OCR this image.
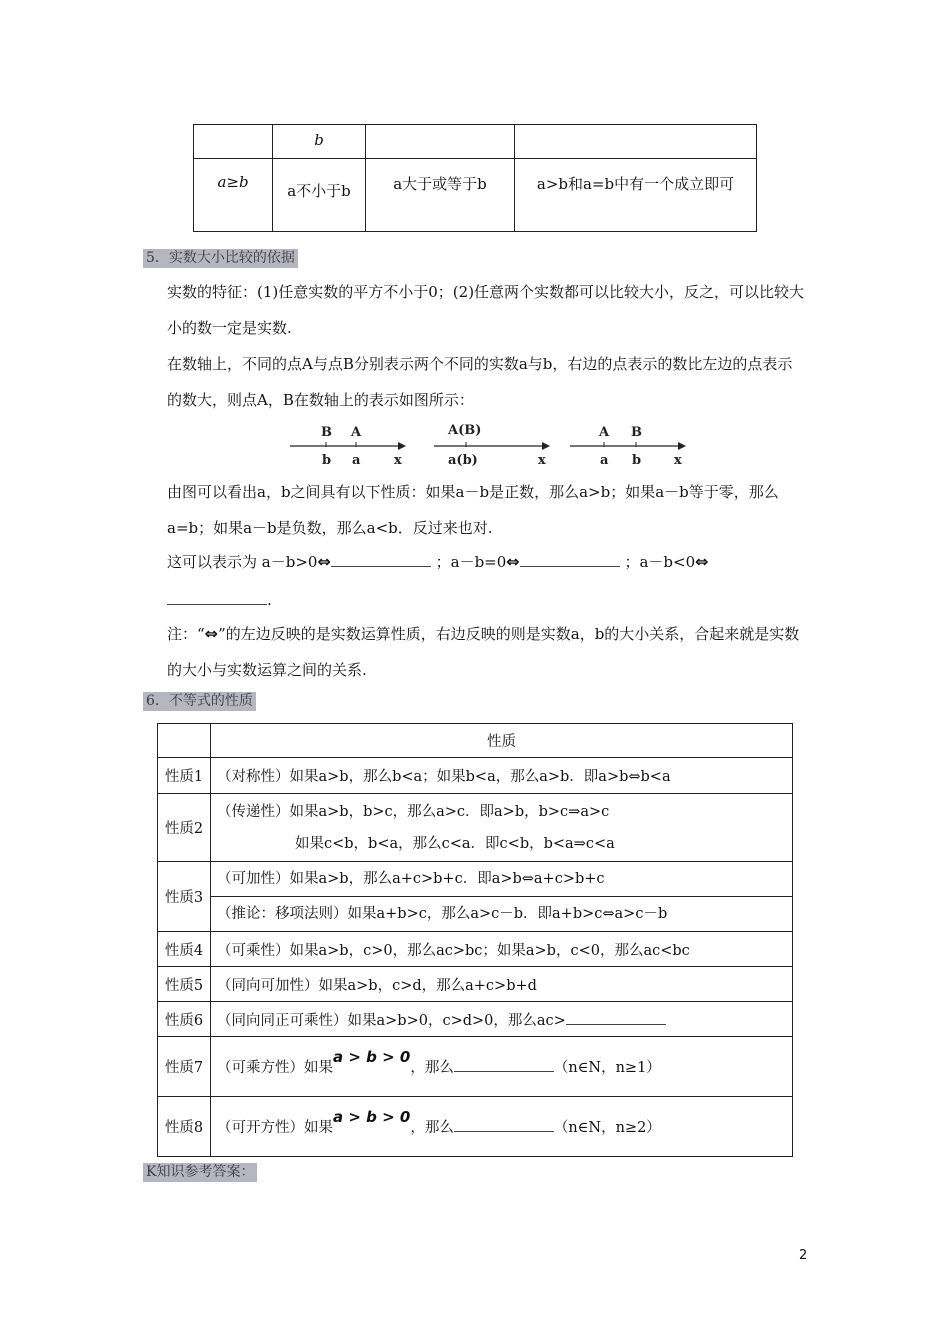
	b		
a≥b	a不小于b	a大于或等于b	a>b和a=b中有一个成立即可
5．实数大小比较的依据
实数的特征：(1)任意实数的平方不小于0；(2)任意两个实数都可以比较大小，反之，可以比较大小的数一定是实数.
在数轴上，不同的点A与点B分别表示两个不同的实数a与b，右边的点表示的数比左边的点表示的数大，则点A，B在数轴上的表示如图所示：
B A
b a	x
A(B)
a(b)	x
A B
a b	x
由图可以看出a，b之间具有以下性质：如果a－b是正数，那么a>b；如果a－b等于零，那么a=b；如果a－b是负数，那么a<b．反过来也对.
这可以表示为 a－b>0⇔	；a－b=0⇔	；a－b<0⇔
.
注：“⇔”的左边反映的是实数运算性质，右边反映的则是实数a，b的大小关系，合起来就是实数的大小与实数运算之间的关系.
6．不等式的性质
	性质
性质1	（对称性）如果a>b，那么b<a；如果b<a，那么a>b．即a>b⇔b<a
性质2	（传递性）如果a>b，b>c，那么a>c．即a>b，b>c⇒a>c
如果c<b，b<a，那么c<a．即c<b，b<a⇒c<a

性质3	（可加性）如果a>b，那么a+c>b+c．即a>b⇔a+c>b+c
（推论：移项法则）如果a+b>c，那么a>c－b．即a+b>c⇔a>c－b

性质4	（可乘性）如果a>b，c>0，那么ac>bc；如果a>b，c<0，那么ac<bc
性质5	（同向可加性）如果a>b，c>d，那么a+c>b+d
性质6	（同向同正可乘性）如果a>b>0，c>d>0，那么ac>
性质7	（可乘方性）如果a > b > 0，那么 （n∈N，n≥1）
性质8	（可开方性）如果a > b > 0，那么 （n∈N，n≥2）
K知识参考答案：
2
